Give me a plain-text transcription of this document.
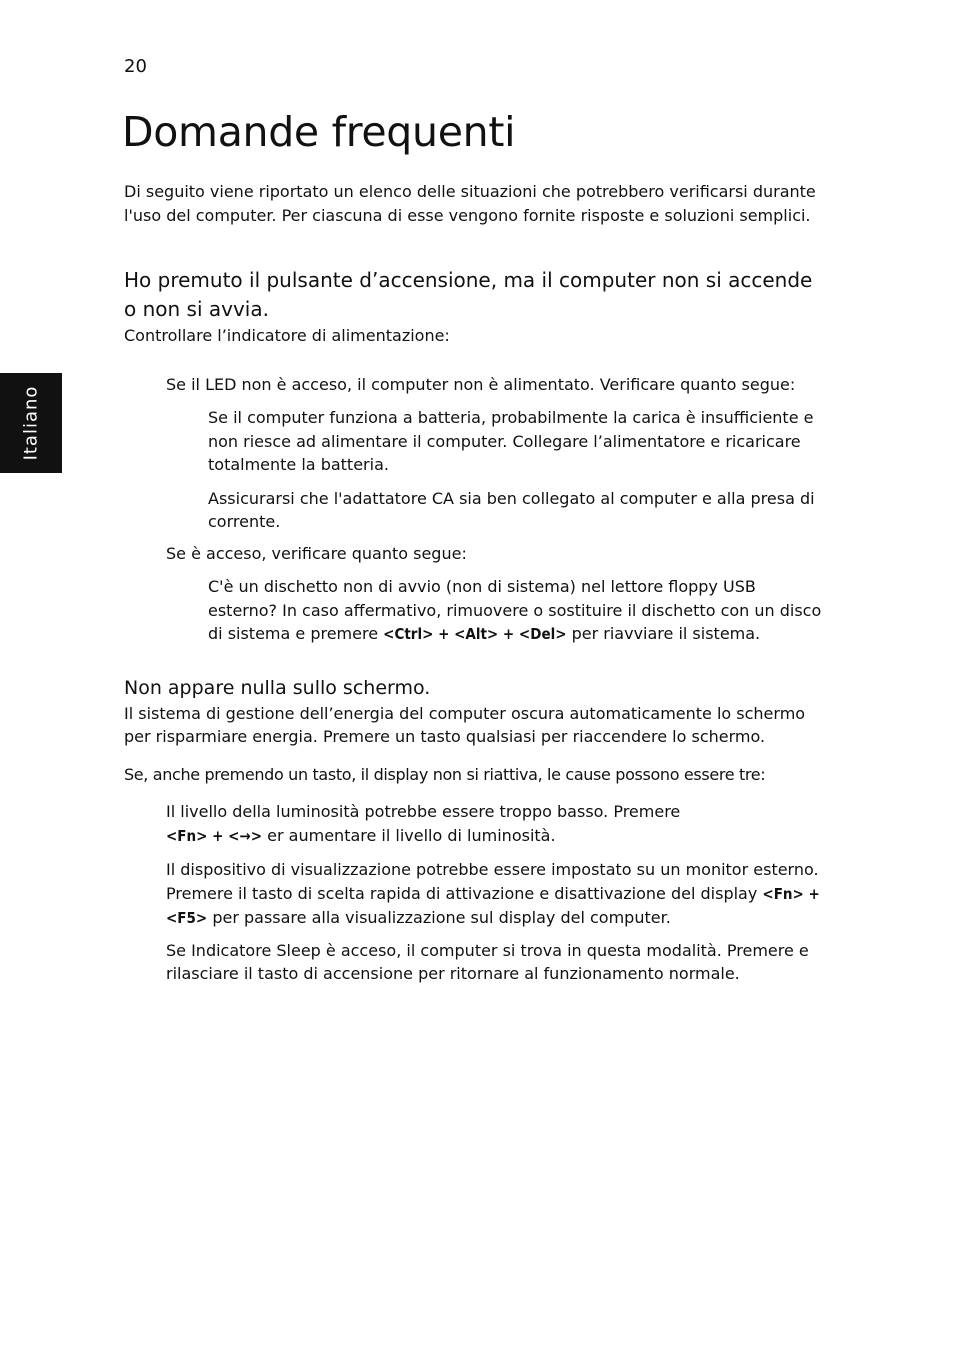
20
Italiano
Domande frequenti

Di seguito viene riportato un elenco delle situazioni che potrebbero verificarsi durante l'uso del computer. Per ciascuna di esse vengono fornite risposte e soluzioni semplici.

Ho premuto il pulsante d’accensione, ma il computer non si accende o non si avvia.

Controllare l’indicatore di alimentazione:

Se il LED non è acceso, il computer non è alimentato. Verificare quanto segue:

Se il computer funziona a batteria, probabilmente la carica è insufficiente e non riesce ad alimentare il computer. Collegare l’alimentatore e ricaricare totalmente la batteria.

Assicurarsi che l'adattatore CA sia ben collegato al computer e alla presa di corrente.

Se è acceso, verificare quanto segue:

C'è un dischetto non di avvio (non di sistema) nel lettore floppy USB esterno? In caso affermativo, rimuovere o sostituire il dischetto con un disco di sistema e premere <Ctrl> + <Alt> + <Del> per riavviare il sistema.

Non appare nulla sullo schermo.

Il sistema di gestione dell’energia del computer oscura automaticamente lo schermo per risparmiare energia. Premere un tasto qualsiasi per riaccendere lo schermo.

Se, anche premendo un tasto, il display non si riattiva, le cause possono essere tre:

Il livello della luminosità potrebbe essere troppo basso. Premere
<Fn> + <→> er aumentare il livello di luminosità.

Il dispositivo di visualizzazione potrebbe essere impostato su un monitor esterno. Premere il tasto di scelta rapida di attivazione e disattivazione del display <Fn> + <F5> per passare alla visualizzazione sul display del computer.

Se Indicatore Sleep è acceso, il computer si trova in questa modalità. Premere e rilasciare il tasto di accensione per ritornare al funzionamento normale.
